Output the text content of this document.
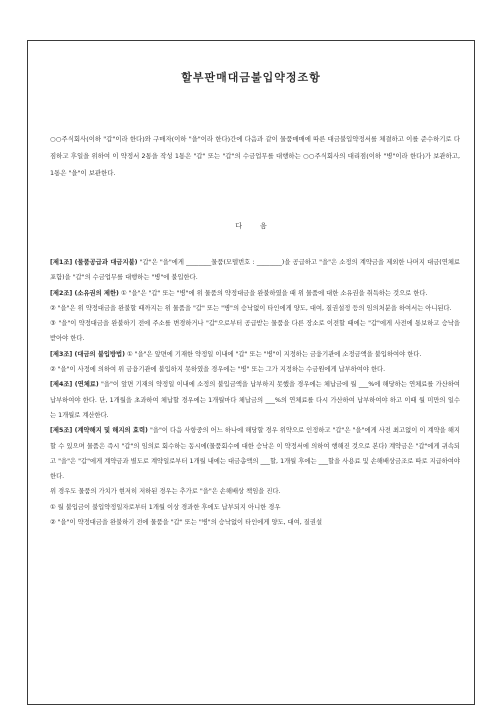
할부판매대금불입약정조항
○○주식회사(이하 "갑"이라 한다)와 구매자(이하 "을"이라 한다)간에 다음과 같이 물품매매에 따른 대금불입약정서를 체결하고 이를 준수하기로 다짐하고 후일을 위하여 이 약정서 2통을 작성 1통은 "갑" 또는 "갑"의 수금업무를 대행하는 ○○주식회사의 대리점(이하 "병"이라 한다)가 보관하고, 1통은 "을"이 보관한다.
다음

[제1조] (물품공급과 대금지불) "갑"은 "을"에게 ________물품(모델번호 : ________)을 공급하고 "을"은 소정의 계약금을 제외한 나머지 대금(연체료 포함)을 "갑"의 수금업무를 대행하는 "병"에 불입한다.

[제2조] (소유권의 제한) ① "을"은 "갑" 또는 "병"에 위 물품의 약정대금을 완불하였을 때 위 물품에 대한 소유권을 취득하는 것으로 한다.

② "을"은 위 약정대금을 완불할 때까지는 위 물품을 "갑" 또는 "병"의 승낙없이 타인에게 양도, 대여, 질권설정 등의 임의처분을 하여서는 아니된다.

③ "을"이 약정대금을 완불하기 전에 주소를 변경하거나 "갑"으로부터 공급받는 물품을 다른 장소로 이전할 때에는 "갑"에게 사전에 통보하고 승낙을 받아야 한다.

[제3조] (대금의 불입방법) ① "을"은 앞면에 기재한 약정일 이내에 "갑" 또는 "병"이 지정하는 금융기관에 소정금액을 불입하여야 한다.

② "을"이 사정에 의하여 위 금융기관에 불입하지 못하였을 경우에는 "병" 또는 그가 지정하는 수금원에게 납부하여야 한다.

[제4조] (연체료) "을"이 앞면 기재의 약정일 이내에 소정의 불입금액을 납부하지 못했을 경우에는 체납금에 월 ___%에 해당하는 연체료를 가산하여 납부하여야 한다. 단, 1개월을 초과하여 체납할 경우에는 1개월마다 체납금의 ___%의 연체료를 다시 가산하여 납부하여야 하고 이때 월 미만의 일수는 1개월로 계산한다.

[제5조] (계약해지 및 해지의 효력) "을"이 다음 사항중의 어느 하나에 해당할 경우 위약으로 인정하고 "갑"은 "을"에게 사전 최고없이 이 계약을 해지할 수 있으며 물품은 즉시 "갑"의 임의로 회수하는 동시에(물품회수에 대한 승낙은 이 약정서에 의하여 행해진 것으로 본다) 계약금은 "갑"에게 귀속되고 "을"은 "갑"에게 계약금과 별도로 계약일로부터 1개월 내에는 대금총액의 ___할, 1개월 후에는 ___할을 사용료 및 손해배상금조로 따로 지급하여야 한다.

위 경우도 물품의 가치가 현저히 저하된 경우는 추가로 "을"은 손해배상 책임을 진다.

① 월 불입금이 불입약정일자로부터 1개월 이상 경과한 후에도 납부되지 아니한 경우

② "을"이 약정대금을 완불하기 전에 물품을 "갑" 또는 "병"의 승낙없이 타인에게 양도, 대여, 질권설
